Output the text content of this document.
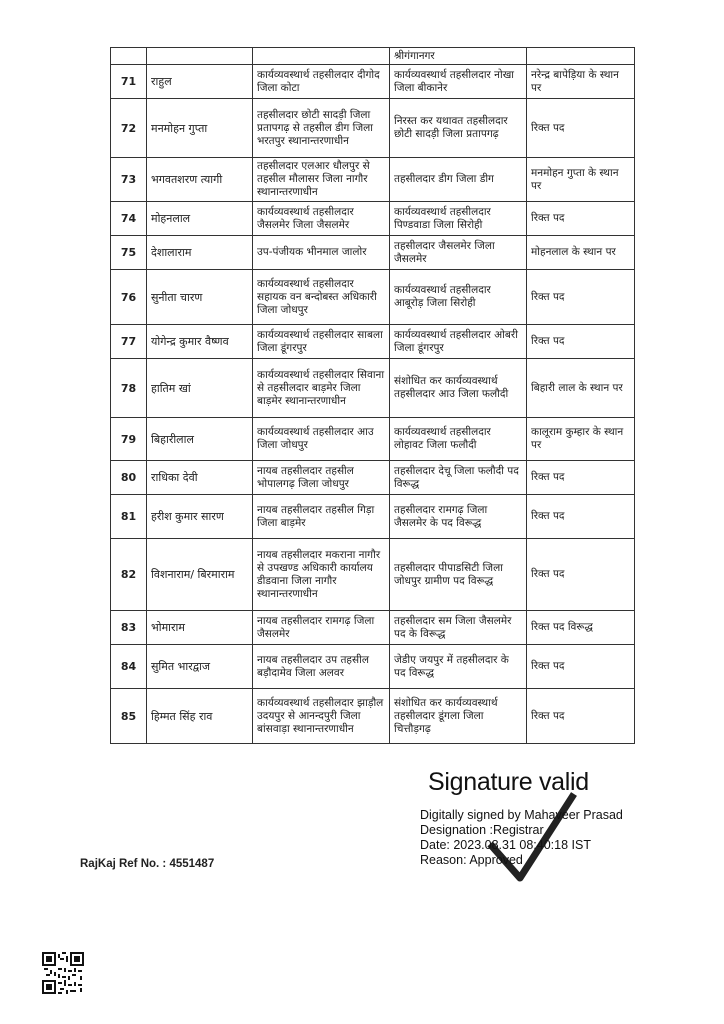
			श्रीगंगानगर	
71	राहुल	कार्यव्यवस्थार्थ तहसीलदार दीगोद जिला कोटा	कार्यव्यवस्थार्थ तहसीलदार नोखा जिला बीकानेर	नरेन्द्र बापेड़िया के स्थान पर
72	मनमोहन गुप्ता	तहसीलदार छोटी सादड़ी जिला प्रतापगढ़ से तहसील डीग जिला भरतपुर स्थानान्तरणाधीन	निरस्त कर यथावत तहसीलदार छोटी सादड़ी जिला प्रतापगढ़	रिक्त पद
73	भगवतशरण त्यागी	तहसीलदार एलआर धौलपुर से तहसील मौलासर जिला नागौर स्थानान्तरणाधीन	तहसीलदार डीग जिला डीग	मनमोहन गुप्ता के स्थान पर
74	मोहनलाल	कार्यव्यवस्थार्थ तहसीलदार जैसलमेर जिला जैसलमेर	कार्यव्यवस्थार्थ तहसीलदार पिण्डवाडा जिला सिरोही	रिक्त पद
75	देशालाराम	उप-पंजीयक भीनमाल जालोर	तहसीलदार जैसलमेर जिला जैसलमेर	मोहनलाल के स्थान पर
76	सुनीता चारण	कार्यव्यवस्थार्थ तहसीलदार सहायक वन बन्दोबस्त अधिकारी जिला जोधपुर	कार्यव्यवस्थार्थ तहसीलदार आबूरोड़ जिला सिरोही	रिक्त पद
77	योगेन्द्र कुमार वैष्णव	कार्यव्यवस्थार्थ तहसीलदार साबला जिला डूंगरपुर	कार्यव्यवस्थार्थ तहसीलदार ओबरी जिला डूंगरपुर	रिक्त पद
78	हातिम खां	कार्यव्यवस्थार्थ तहसीलदार सिवाना से तहसीलदार बाड़मेर जिला बाड़मेर स्थानान्तरणाधीन	संशोधित कर कार्यव्यवस्थार्थ तहसीलदार आउ जिला फलौदी	बिहारी लाल के स्थान पर
79	बिहारीलाल	कार्यव्यवस्थार्थ तहसीलदार आउ जिला जोधपुर	कार्यव्यवस्थार्थ तहसीलदार लोहावट जिला फलौदी	कालूराम कुम्हार के स्थान पर
80	राधिका देवी	नायब तहसीलदार तहसील भोपालगढ़ जिला जोधपुर	तहसीलदार देचू जिला फलौदी पद विरूद्ध	रिक्त पद
81	हरीश कुमार सारण	नायब तहसीलदार तहसील गिड़ा जिला बाड़मेर	तहसीलदार रामगढ़ जिला जैसलमेर के पद विरूद्ध	रिक्त पद
82	विशनाराम/ बिरमाराम	नायब तहसीलदार मकराना नागौर से उपखण्ड अधिकारी कार्यालय डीडवाना जिला नागौर स्थानान्तरणाधीन	तहसीलदार पीपाडसिटी जिला जोधपुर ग्रामीण पद विरूद्ध	रिक्त पद
83	भोमाराम	नायब तहसीलदार रामगढ़ जिला जैसलमेर	तहसीलदार सम जिला जैसलमेर पद के विरूद्ध	रिक्त पद विरूद्ध
84	सुमित भारद्वाज	नायब तहसीलदार उप तहसील बड़ौदामेव जिला अलवर	जेडीए जयपुर में तहसीलदार के पद विरूद्ध	रिक्त पद
85	हिम्मत सिंह राव	कार्यव्यवस्थार्थ तहसीलदार झाड़ौल उदयपुर से आनन्दपुरी जिला बांसवाड़ा स्थानान्तरणाधीन	संशोधित कर कार्यव्यवस्थार्थ तहसीलदार डूंगला जिला चित्तौड़गढ़	रिक्त पद
Signature valid
Digitally signed by Mahaveer Prasad
Designation :Registrar
Date: 2023.08.31 08:40:18 IST
Reason: Approved
RajKaj Ref No. : 4551487
